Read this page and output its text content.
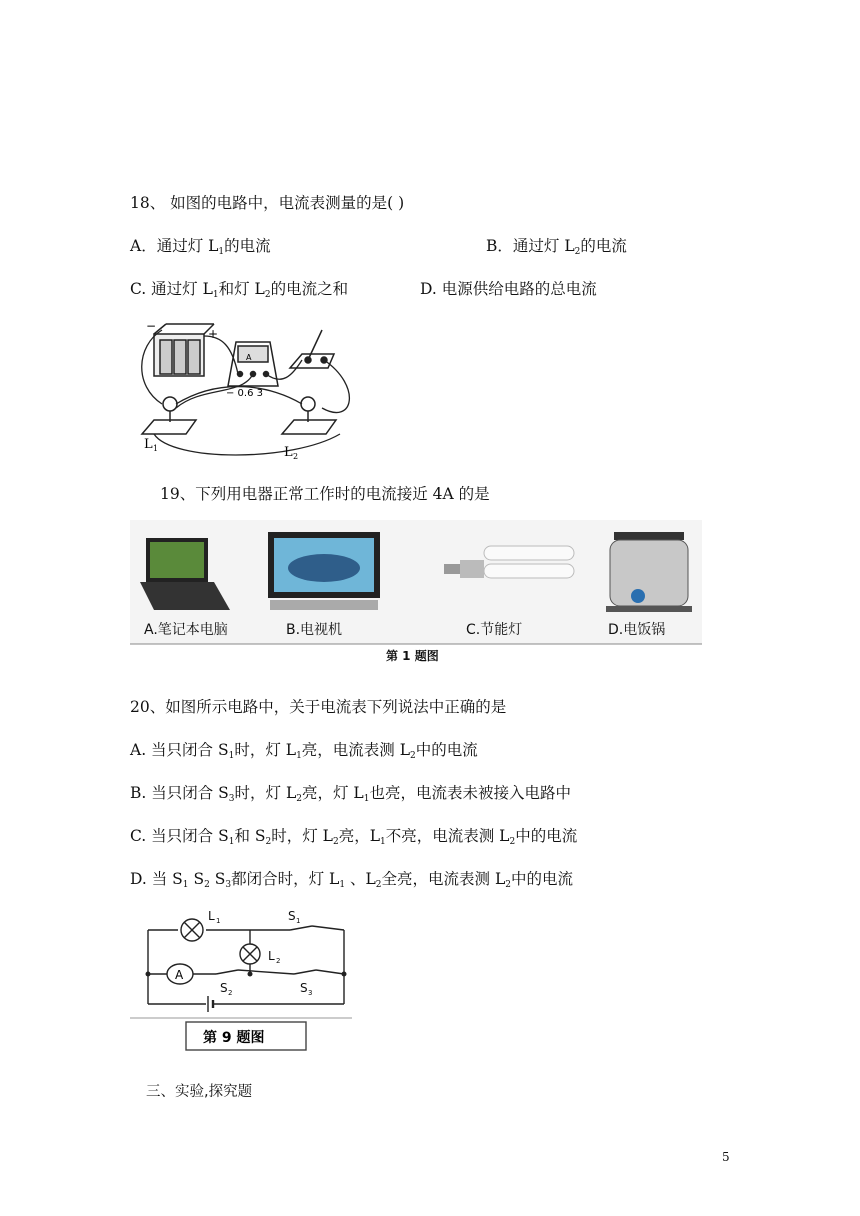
18、 如图的电路中，电流表测量的是( )
A．通过灯 $L_1$的电流	B．通过灯 $L_2$的电流
C. 通过灯 $L_1$和灯 $L_2$的电流之和	D. 电源供给电路的总电流
−
+
A
− 0.6 3
L 1	L 2
19、下列用电器正常工作时的电流接近 4A 的是
A.笔记本电脑	B.电视机	C.节能灯	D.电饭锅
第 1 题图
20、如图所示电路中，关于电流表下列说法中正确的是
A. 当只闭合 $S_1$时，灯 $L_1$亮，电流表测 $L_2$中的电流
B. 当只闭合 $S_3$时，灯 $L_2$亮，灯 $L_1$也亮，电流表未被接入电路中
C. 当只闭合 $S_1$和 $S_2$时，灯 $L_2$亮，$L_1$不亮，电流表测 $L_2$中的电流
D. 当 $S_1$ $S_2$ $S_3$都闭合时，灯 $L_1$ 、$L_2$全亮，电流表测 $L_2$中的电流
A
L 1
L 2
S 1
S 2	S 3
第 9 题图
三、实验,探究题
5
